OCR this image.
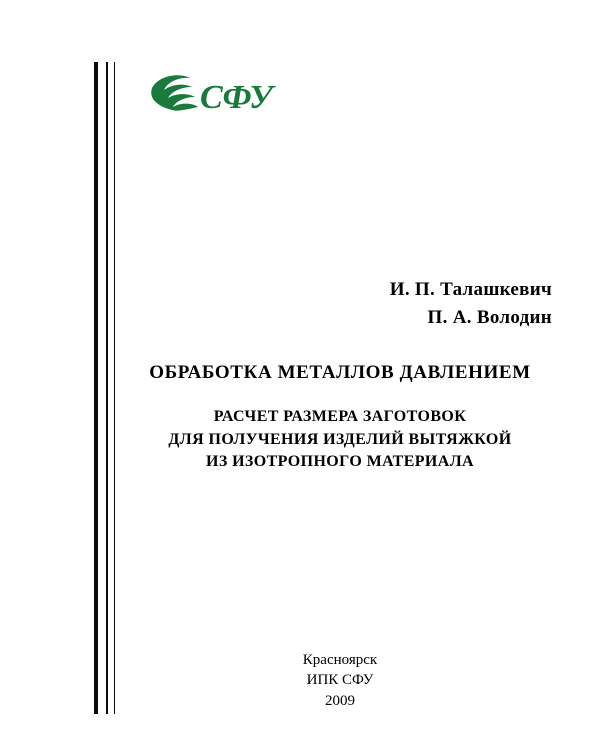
СФУ
И. П. Талашкевич
П. А. Володин
ОБРАБОТКА МЕТАЛЛОВ ДАВЛЕНИЕМ
РАСЧЕТ РАЗМЕРА ЗАГОТОВОК
ДЛЯ ПОЛУЧЕНИЯ ИЗДЕЛИЙ ВЫТЯЖКОЙ
ИЗ ИЗОТРОПНОГО МАТЕРИАЛА
Красноярск
ИПК СФУ
2009
